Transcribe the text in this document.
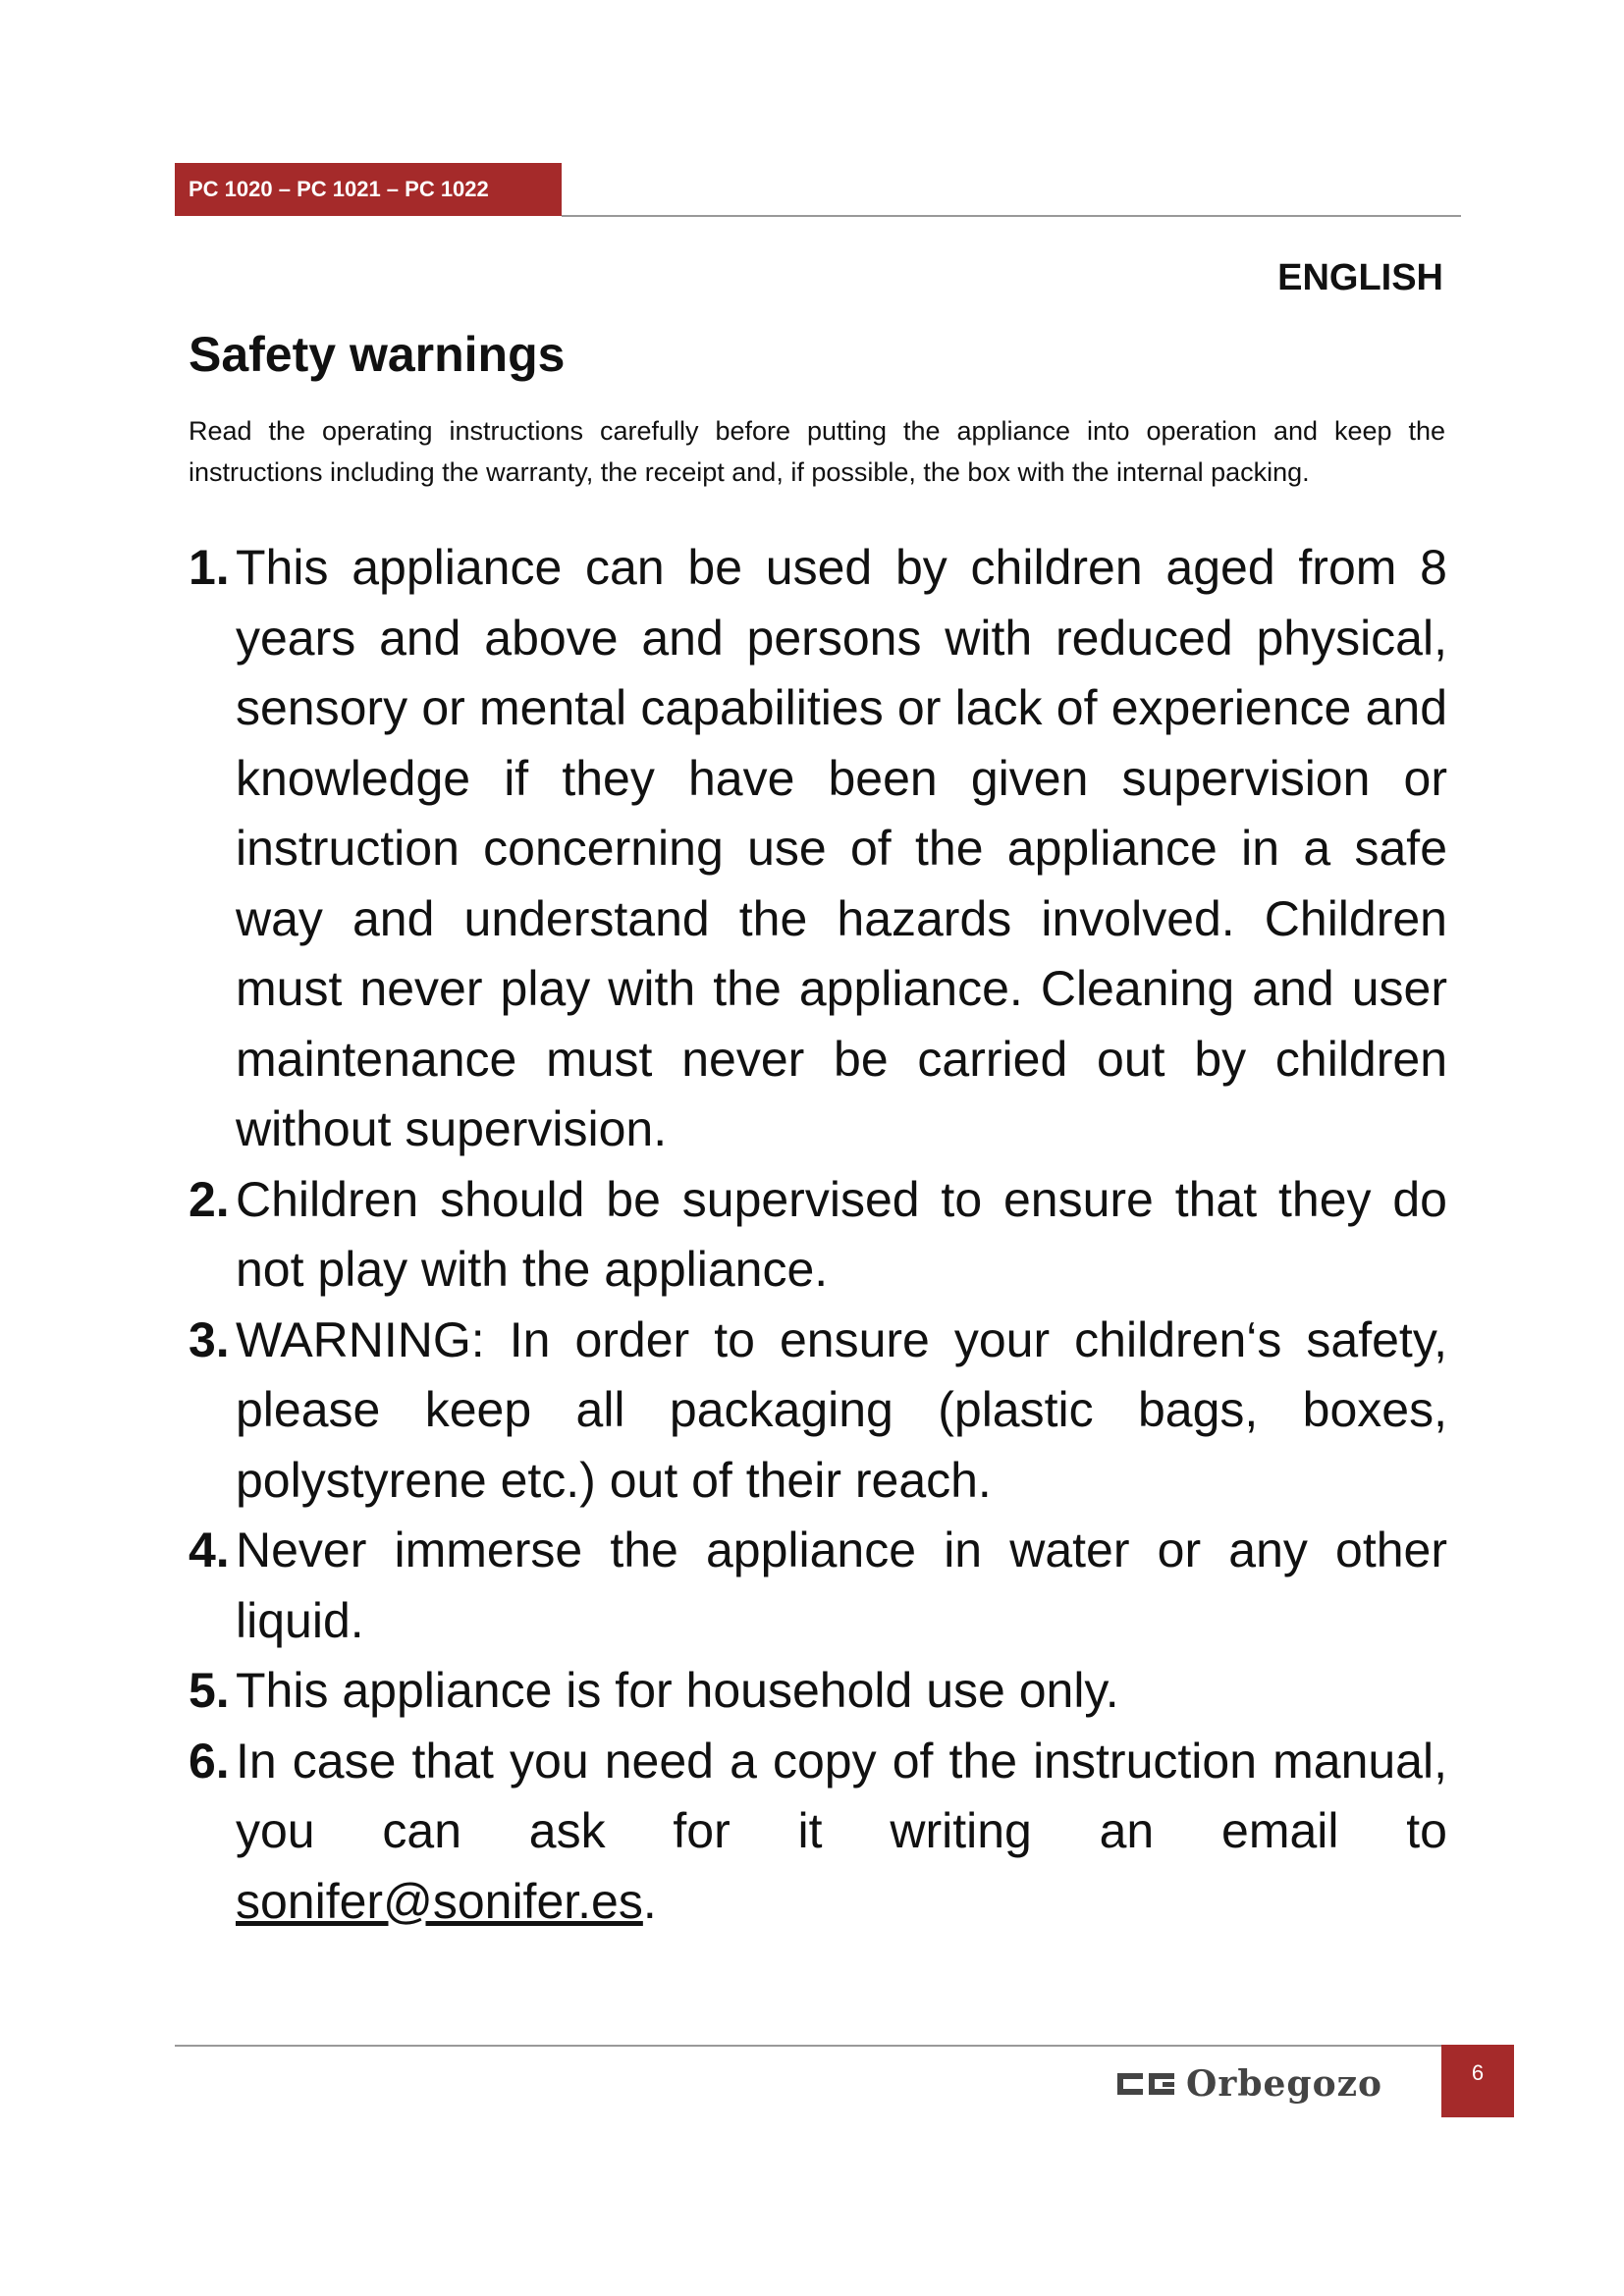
PC 1020 – PC 1021 – PC 1022
ENGLISH
Safety warnings

Read the operating instructions carefully before putting the appliance into operation and keep the instructions including the warranty, the receipt and, if possible, the box with the internal packing.

1. This appliance can be used by children aged from 8 years and above and persons with reduced physical, sensory or mental capabilities or lack of experience and knowledge if they have been given supervision or instruction concerning use of the appliance in a safe way and understand the hazards involved. Children must never play with the appliance. Cleaning and user maintenance must never be carried out by children without supervision.
2. Children should be supervised to ensure that they do not play with the appliance.
3. WARNING: In order to ensure your children‘s safety, please keep all packaging (plastic bags, boxes, polystyrene etc.) out of their reach.
4. Never immerse the appliance in water or any other liquid.
5. This appliance is for household use only.
6. In case that you need a copy of the instruction manual, you can ask for it writing an email to sonifer@sonifer.es.
Orbegozo	6
